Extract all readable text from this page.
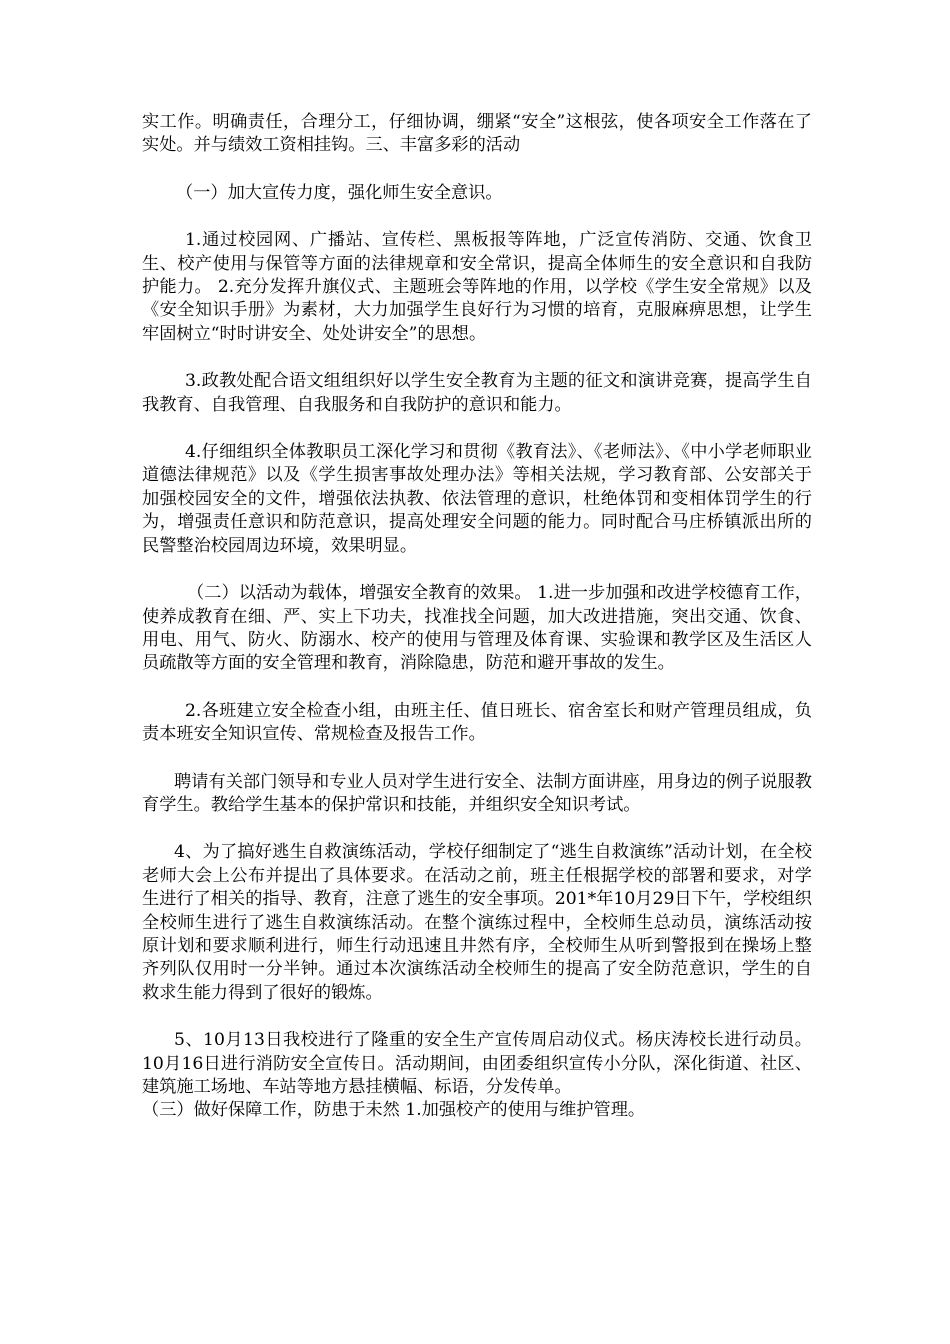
实工作。明确责任，合理分工，仔细协调，绷紧“安全”这根弦，使各项安全工作落在了实处。并与绩效工资相挂钩。三、丰富多彩的活动

（一）加大宣传力度，强化师生安全意识。

1.通过校园网、广播站、宣传栏、黑板报等阵地，广泛宣传消防、交通、饮食卫生、校产使用与保管等方面的法律规章和安全常识，提高全体师生的安全意识和自我防护能力。 2.充分发挥升旗仪式、主题班会等阵地的作用，以学校《学生安全常规》以及《安全知识手册》为素材，大力加强学生良好行为习惯的培育，克服麻痹思想，让学生牢固树立“时时讲安全、处处讲安全”的思想。

3.政教处配合语文组组织好以学生安全教育为主题的征文和演讲竞赛，提高学生自我教育、自我管理、自我服务和自我防护的意识和能力。

4.仔细组织全体教职员工深化学习和贯彻《教育法》、《老师法》、《中小学老师职业道德法律规范》以及《学生损害事故处理办法》等相关法规，学习教育部、公安部关于加强校园安全的文件，增强依法执教、依法管理的意识，杜绝体罚和变相体罚学生的行为，增强责任意识和防范意识，提高处理安全问题的能力。同时配合马庄桥镇派出所的民警整治校园周边环境，效果明显。

（二）以活动为载体，增强安全教育的效果。 1.进一步加强和改进学校德育工作，使养成教育在细、严、实上下功夫，找准找全问题，加大改进措施，突出交通、饮食、用电、用气、防火、防溺水、校产的使用与管理及体育课、实验课和教学区及生活区人员疏散等方面的安全管理和教育，消除隐患，防范和避开事故的发生。

2.各班建立安全检查小组，由班主任、值日班长、宿舍室长和财产管理员组成，负责本班安全知识宣传、常规检查及报告工作。

聘请有关部门领导和专业人员对学生进行安全、法制方面讲座，用身边的例子说服教育学生。教给学生基本的保护常识和技能，并组织安全知识考试。

4、为了搞好逃生自救演练活动，学校仔细制定了“逃生自救演练”活动计划，在全校老师大会上公布并提出了具体要求。在活动之前，班主任根据学校的部署和要求，对学生进行了相关的指导、教育，注意了逃生的安全事项。201*年10月29日下午，学校组织全校师生进行了逃生自救演练活动。在整个演练过程中，全校师生总动员，演练活动按原计划和要求顺利进行，师生行动迅速且井然有序，全校师生从听到警报到在操场上整齐列队仅用时一分半钟。通过本次演练活动全校师生的提高了安全防范意识，学生的自救求生能力得到了很好的锻炼。

5、10月13日我校进行了隆重的安全生产宣传周启动仪式。杨庆涛校长进行动员。10月16日进行消防安全宣传日。活动期间，由团委组织宣传小分队，深化街道、社区、建筑施工场地、车站等地方悬挂横幅、标语，分发传单。

（三）做好保障工作，防患于未然 1.加强校产的使用与维护管理。
